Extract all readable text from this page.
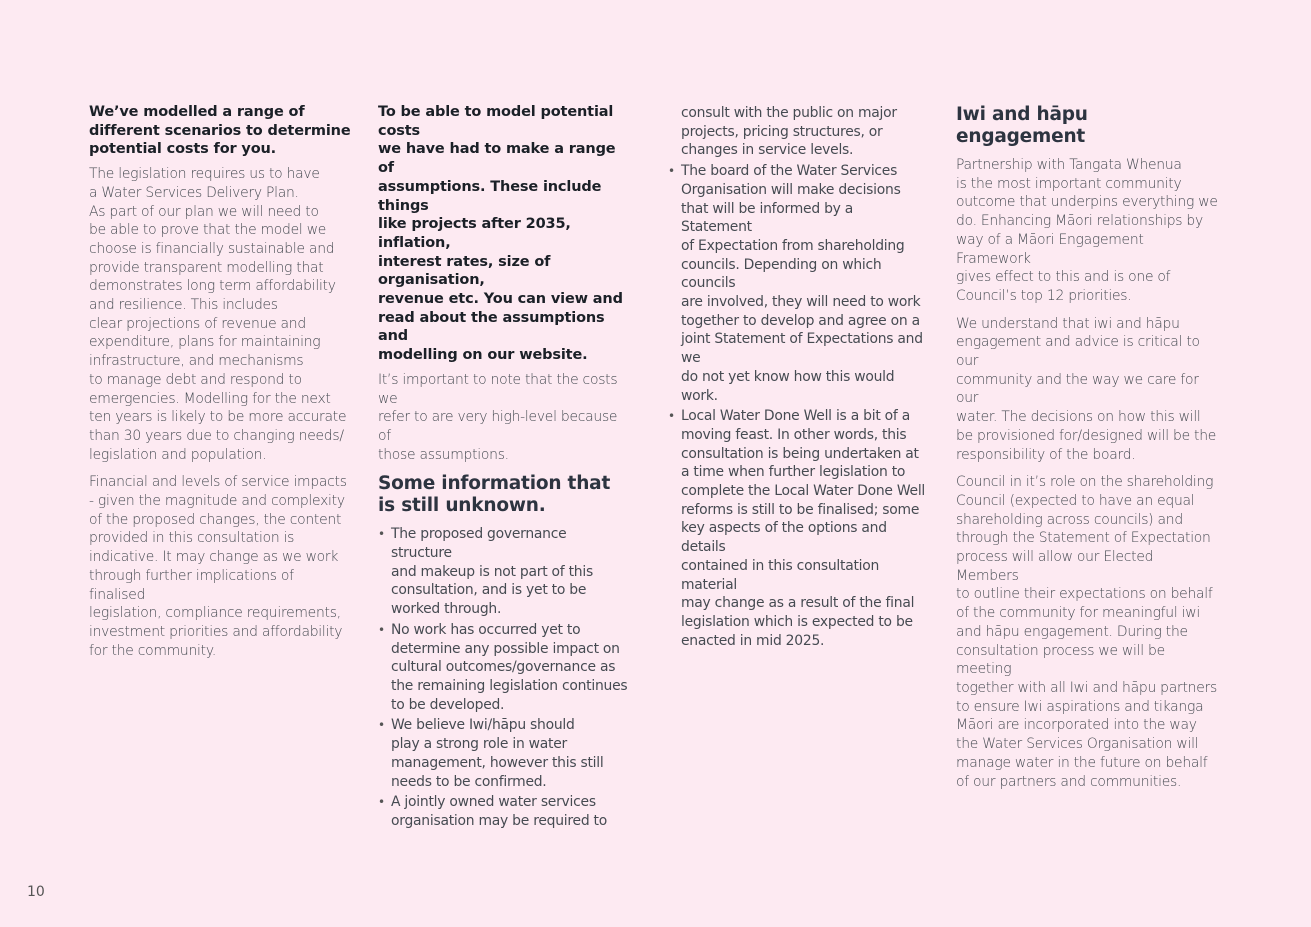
We’ve modelled a range of
different scenarios to determine
potential costs for you.

The legislation requires us to have
a Water Services Delivery Plan.
As part of our plan we will need to
be able to prove that the model we
choose is financially sustainable and
provide transparent modelling that
demonstrates long term affordability
and resilience. This includes
clear projections of revenue and
expenditure, plans for maintaining
infrastructure, and mechanisms
to manage debt and respond to
emergencies. Modelling for the next
ten years is likely to be more accurate
than 30 years due to changing needs/
legislation and population.

Financial and levels of service impacts
- given the magnitude and complexity
of the proposed changes, the content
provided in this consultation is
indicative. It may change as we work
through further implications of finalised
legislation, compliance requirements,
investment priorities and affordability
for the community.

To be able to model potential costs
we have had to make a range of
assumptions. These include things
like projects after 2035, inflation,
interest rates, size of organisation,
revenue etc. You can view and
read about the assumptions and
modelling on our website.

It’s important to note that the costs we
refer to are very high-level because of
those assumptions.

Some information that
is still unknown.
• The proposed governance structure
and makeup is not part of this
consultation, and is yet to be
worked through.
• No work has occurred yet to
determine any possible impact on
cultural outcomes/governance as
the remaining legislation continues
to be developed.
• We believe Iwi/hāpu should
play a strong role in water
management, however this still
needs to be confirmed.
• A jointly owned water services
organisation may be required to

consult with the public on major
projects, pricing structures, or
changes in service levels.

• The board of the Water Services
Organisation will make decisions
that will be informed by a Statement
of Expectation from shareholding
councils. Depending on which councils
are involved, they will need to work
together to develop and agree on a
joint Statement of Expectations and we
do not yet know how this would work.
• Local Water Done Well is a bit of a
moving feast. In other words, this
consultation is being undertaken at
a time when further legislation to
complete the Local Water Done Well
reforms is still to be finalised; some
key aspects of the options and details
contained in this consultation material
may change as a result of the final
legislation which is expected to be
enacted in mid 2025.
Iwi and hāpu engagement

Partnership with Tangata Whenua
is the most important community
outcome that underpins everything we
do. Enhancing Māori relationships by
way of a Māori Engagement Framework
gives effect to this and is one of
Council’s top 12 priorities.

We understand that iwi and hāpu
engagement and advice is critical to our
community and the way we care for our
water. The decisions on how this will
be provisioned for/designed will be the
responsibility of the board.

Council in it’s role on the shareholding
Council (expected to have an equal
shareholding across councils) and
through the Statement of Expectation
process will allow our Elected Members
to outline their expectations on behalf
of the community for meaningful iwi
and hāpu engagement. During the
consultation process we will be meeting
together with all Iwi and hāpu partners
to ensure Iwi aspirations and tikanga
Māori are incorporated into the way
the Water Services Organisation will
manage water in the future on behalf
of our partners and communities.

10
